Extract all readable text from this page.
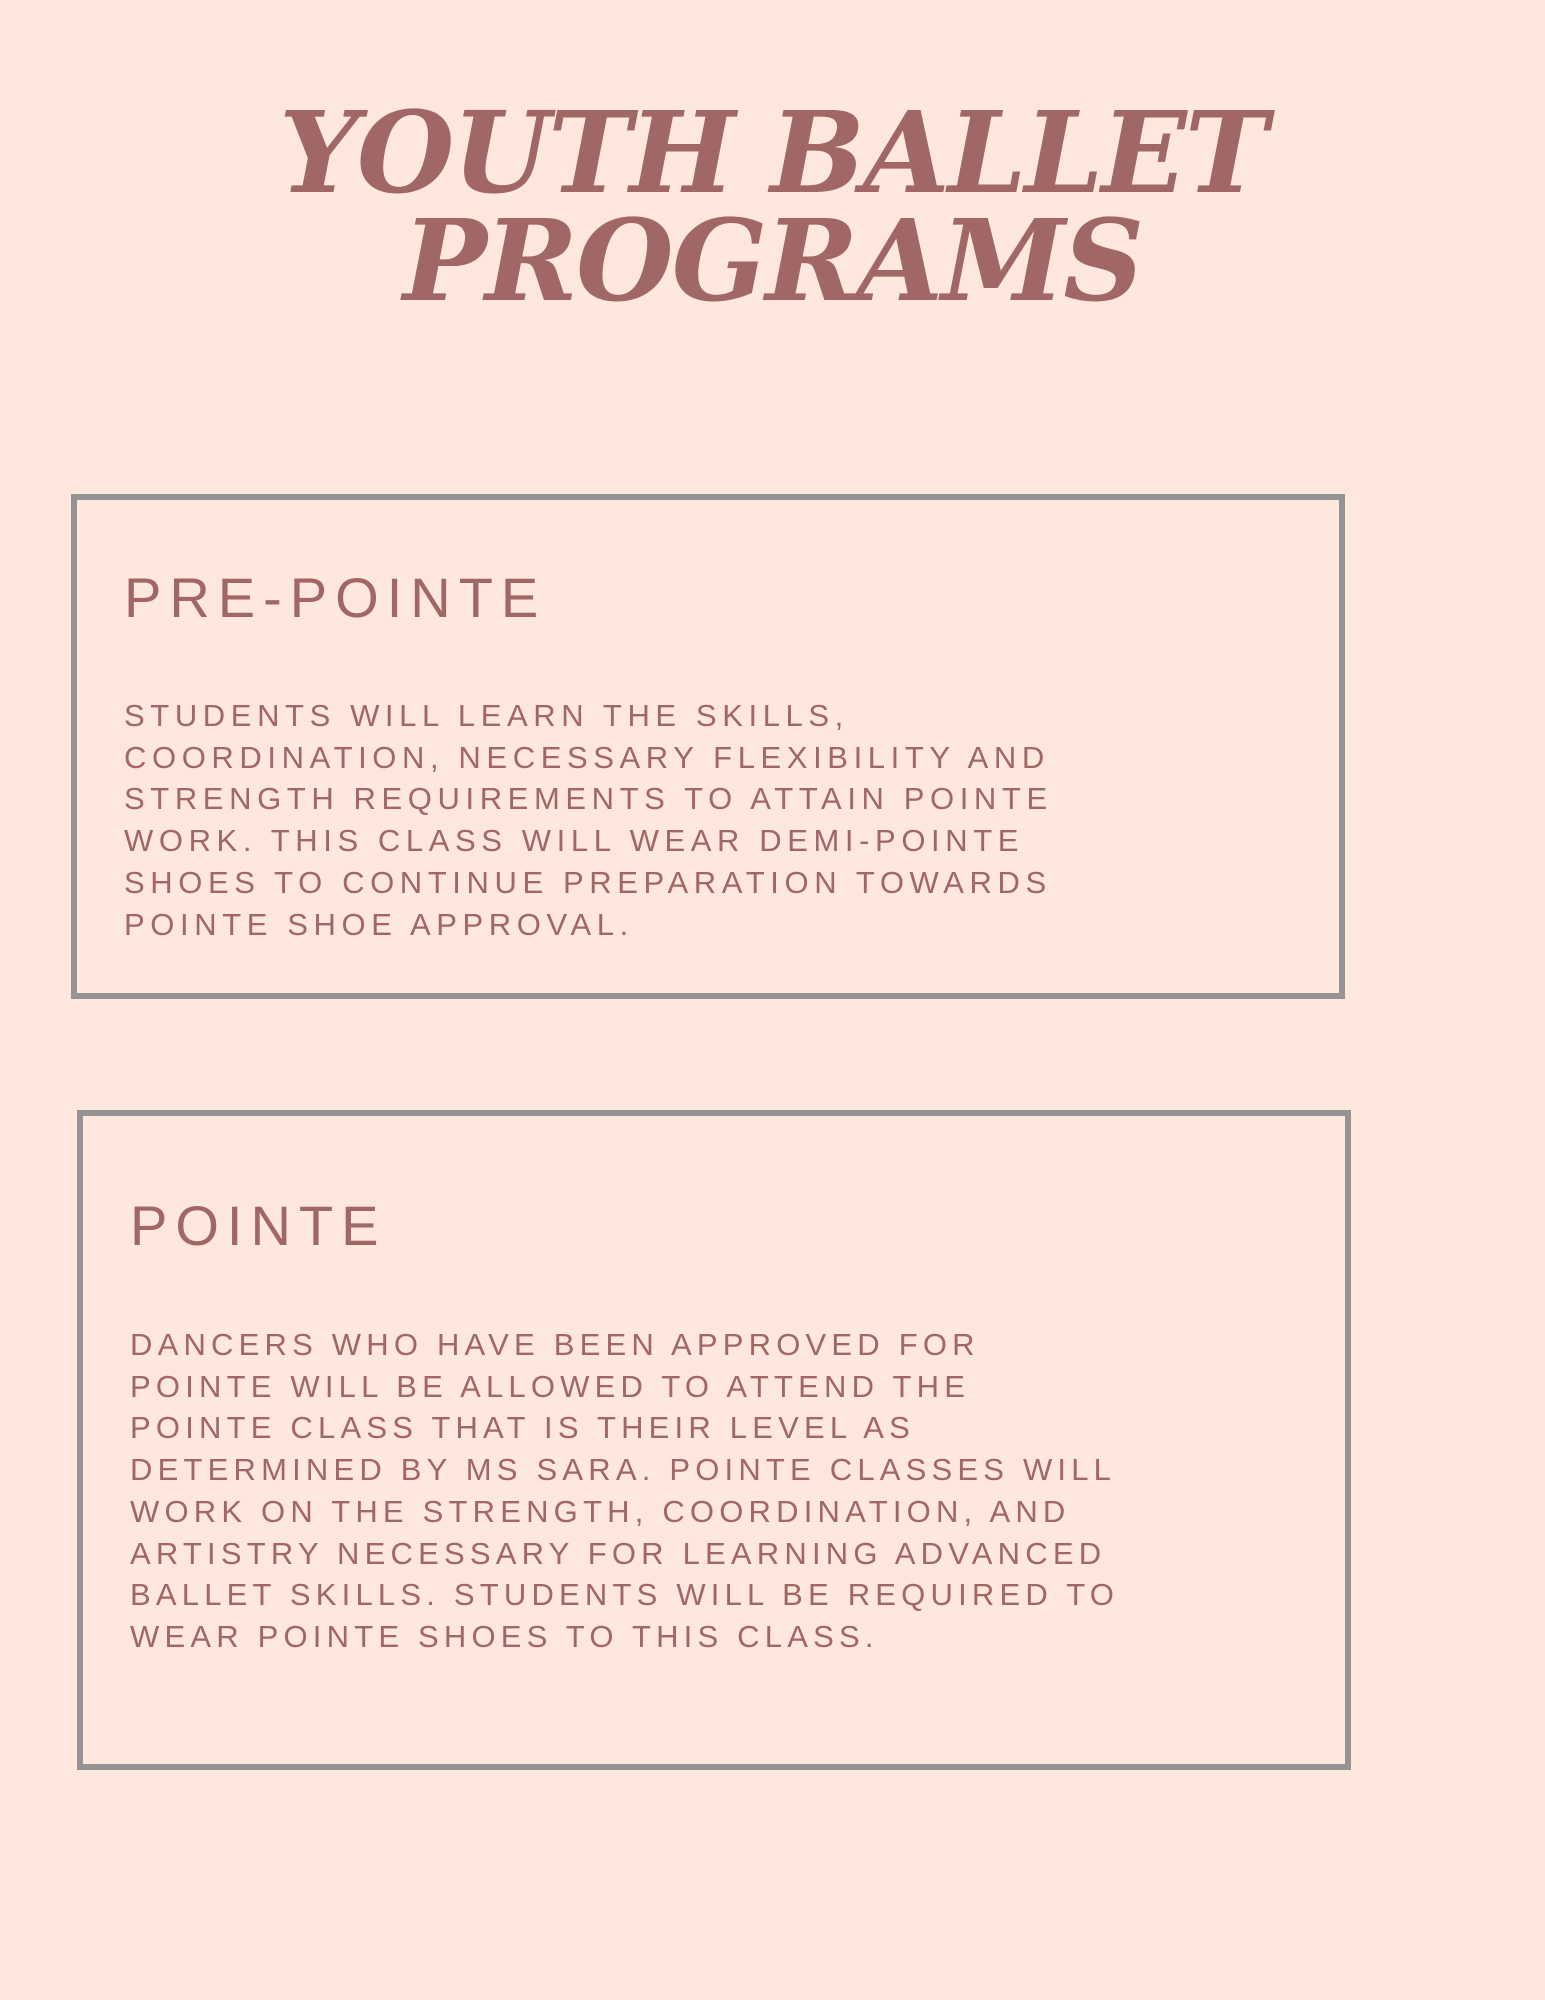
YOUTH BALLET
PROGRAMS
PRE-POINTE

STUDENTS WILL LEARN THE SKILLS,
COORDINATION, NECESSARY FLEXIBILITY AND
STRENGTH REQUIREMENTS TO ATTAIN POINTE
WORK. THIS CLASS WILL WEAR DEMI-POINTE
SHOES TO CONTINUE PREPARATION TOWARDS
POINTE SHOE APPROVAL.

POINTE

DANCERS WHO HAVE BEEN APPROVED FOR
POINTE WILL BE ALLOWED TO ATTEND THE
POINTE CLASS THAT IS THEIR LEVEL AS
DETERMINED BY MS SARA. POINTE CLASSES WILL
WORK ON THE STRENGTH, COORDINATION, AND
ARTISTRY NECESSARY FOR LEARNING ADVANCED
BALLET SKILLS. STUDENTS WILL BE REQUIRED TO
WEAR POINTE SHOES TO THIS CLASS.
